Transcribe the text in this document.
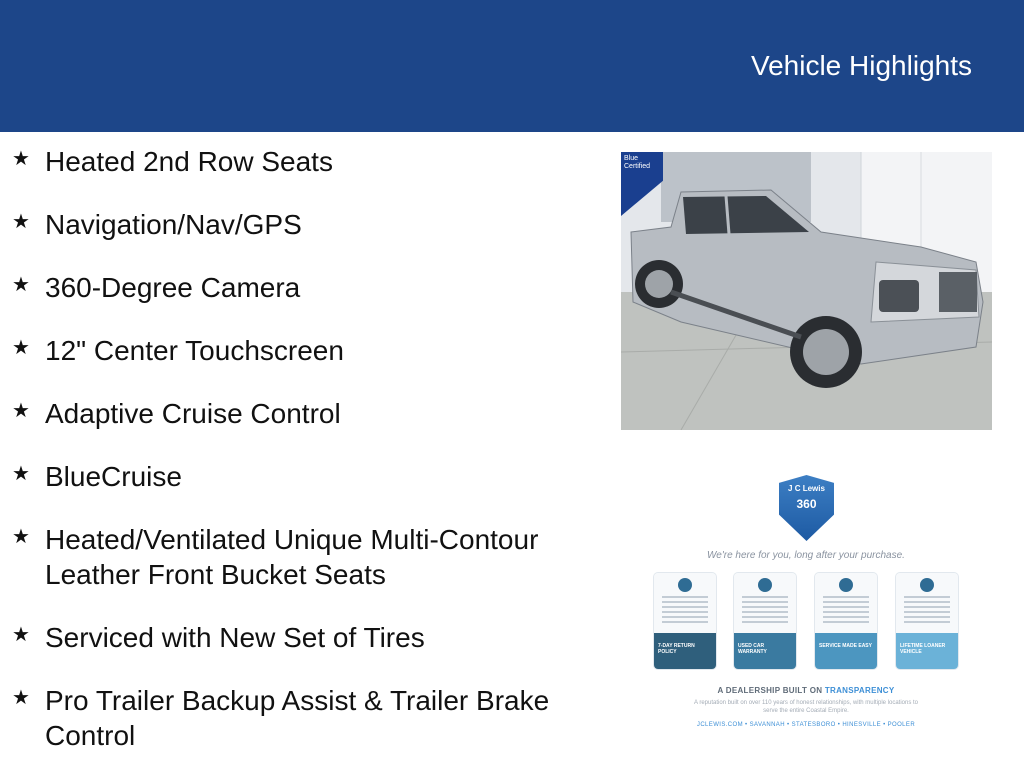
Vehicle Highlights
★ Heated 2nd Row Seats
★ Navigation/Nav/GPS
★ 360-Degree Camera
★ 12" Center Touchscreen
★ Adaptive Cruise Control
★ BlueCruise
★ Heated/Ventilated Unique Multi-Contour Leather Front Bucket Seats
★ Serviced with New Set of Tires
★ Pro Trailer Backup Assist & Trailer Brake Control
Blue Certified
J C Lewis
360
We're here for you, long after your purchase.
7-DAY RETURN POLICY
USED CAR WARRANTY
SERVICE MADE EASY	LIFETIME LOANER VEHICLE
A DEALERSHIP BUILT ON TRANSPARENCY
A reputation built on over 110 years of honest relationships, with multiple locations to serve the entire Coastal Empire.
JCLEWIS.COM • SAVANNAH • STATESBORO • HINESVILLE • POOLER
